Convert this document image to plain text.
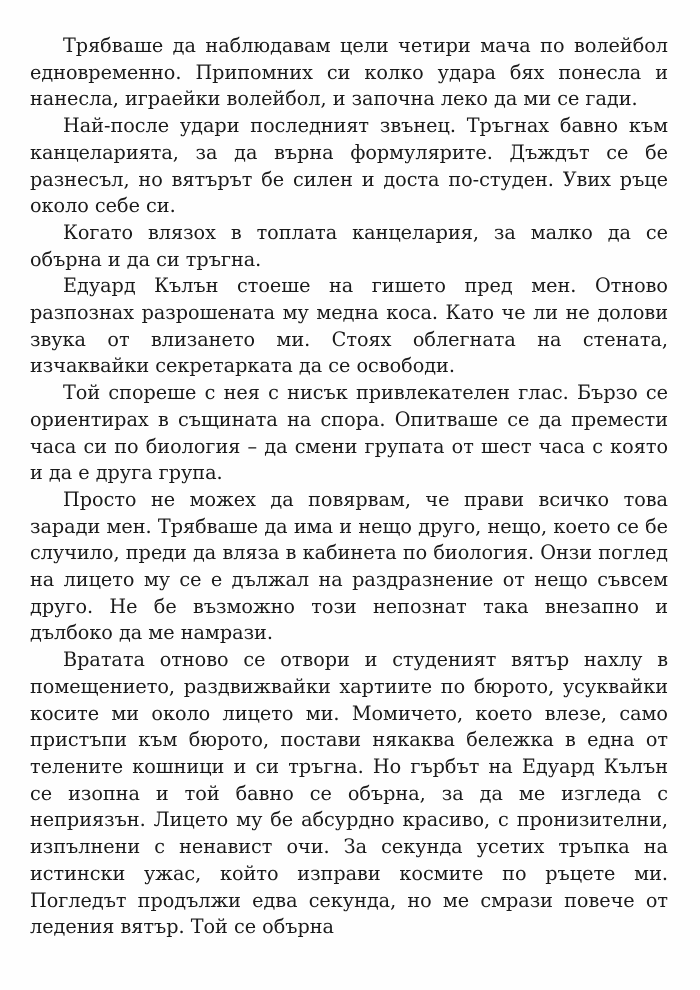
Трябваше да наблюдавам цели четири мача по волейбол едновременно. Припомних си колко удара бях понесла и нанесла, играейки волейбол, и започна леко да ми се гади.

Най-после удари последният звънец. Тръгнах бавно към канцеларията, за да върна формулярите. Дъждът се бе разнесъл, но вятърът бе силен и доста по-студен. Увих ръце около себе си.

Когато влязох в топлата канцелария, за малко да се обърна и да си тръгна.

Едуард Кълън стоеше на гишето пред мен. Отново разпознах разрошената му медна коса. Като че ли не долови звука от влизането ми. Стоях облегната на стената, изчаквайки секретарката да се освободи.

Той спореше с нея с нисък привлекателен глас. Бързо се ориентирах в същината на спора. Опитваше се да премести часа си по биология – да смени групата от шест часа с която и да е друга група.

Просто не можех да повярвам, че прави всичко това заради мен. Трябваше да има и нещо друго, нещо, което се бе случило, преди да вляза в кабинета по биология. Онзи поглед на лицето му се е дължал на раздразнение от нещо съвсем друго. Не бе възможно този непознат така внезапно и дълбоко да ме намрази.

Вратата отново се отвори и студеният вятър нахлу в помещението, раздвижвайки хартиите по бюрото, усуквайки косите ми около лицето ми. Момичето, което влезе, само пристъпи към бюрото, постави някаква бележка в една от телените кошници и си тръгна. Но гърбът на Едуард Кълън се изопна и той бавно се обърна, за да ме изгледа с неприязън. Лицето му бе абсурдно красиво, с пронизителни, изпълнени с ненавист очи. За секунда усетих тръпка на истински ужас, който изправи космите по ръцете ми. Погледът продължи едва секунда, но ме смрази повече от ледения вятър. Той се обърна
